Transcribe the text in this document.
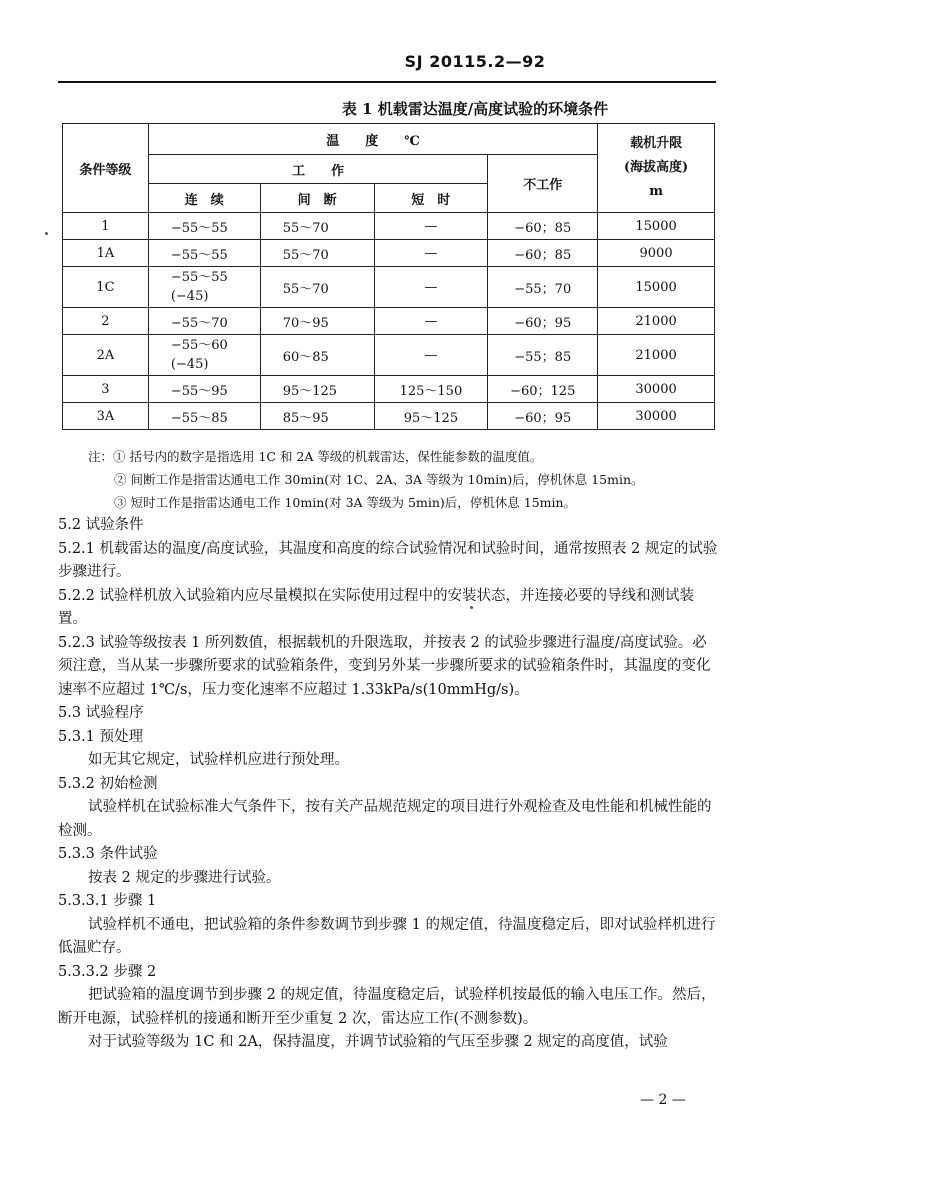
SJ 20115.2—92
表 1 机载雷达温度/高度试验的环境条件
条件等级	温　　度　　℃				载机升限
(海拔高度)
m

	工　　作			不工作	
	连　续	间　断	短　时		
1	−55～55	55～70	—	−60；85	15000
1A	−55～55	55～70	—	−60；85	9000
1C	−55～55
(−45)	55～70	—	−55；70	15000
2	−55～70	70～95	—	−60；95	21000
2A	−55～60
(−45)	60～85	—	−55；85	21000
3	−55～95	95～125	125～150	−60；125	30000
3A	−55～85	85～95	95～125	−60；95	30000
注：① 括号内的数字是指选用 1C 和 2A 等级的机载雷达，保性能参数的温度值。
② 间断工作是指雷达通电工作 30min(对 1C、2A、3A 等级为 10min)后，停机休息 15min。
③ 短时工作是指雷达通电工作 10min(对 3A 等级为 5min)后，停机休息 15min。

5.2 试验条件

5.2.1 机载雷达的温度/高度试验，其温度和高度的综合试验情况和试验时间，通常按照表 2 规定的试验步骤进行。

5.2.2 试验样机放入试验箱内应尽量模拟在实际使用过程中的安装状态，并连接必要的导线和测试装置。

5.2.3 试验等级按表 1 所列数值，根据载机的升限选取，并按表 2 的试验步骤进行温度/高度试验。必须注意，当从某一步骤所要求的试验箱条件，变到另外某一步骤所要求的试验箱条件时，其温度的变化速率不应超过 1℃/s，压力变化速率不应超过 1.33kPa/s(10mmHg/s)。

5.3 试验程序

5.3.1 预处理

如无其它规定，试验样机应进行预处理。

5.3.2 初始检测

试验样机在试验标准大气条件下，按有关产品规范规定的项目进行外观检查及电性能和机械性能的检测。

5.3.3 条件试验

按表 2 规定的步骤进行试验。

5.3.3.1 步骤 1

试验样机不通电，把试验箱的条件参数调节到步骤 1 的规定值，待温度稳定后，即对试验样机进行低温贮存。

5.3.3.2 步骤 2

把试验箱的温度调节到步骤 2 的规定值，待温度稳定后，试验样机按最低的输入电压工作。然后，断开电源，试验样机的接通和断开至少重复 2 次，雷达应工作(不测参数)。

对于试验等级为 1C 和 2A，保持温度，并调节试验箱的气压至步骤 2 规定的高度值，试验

— 2 —
